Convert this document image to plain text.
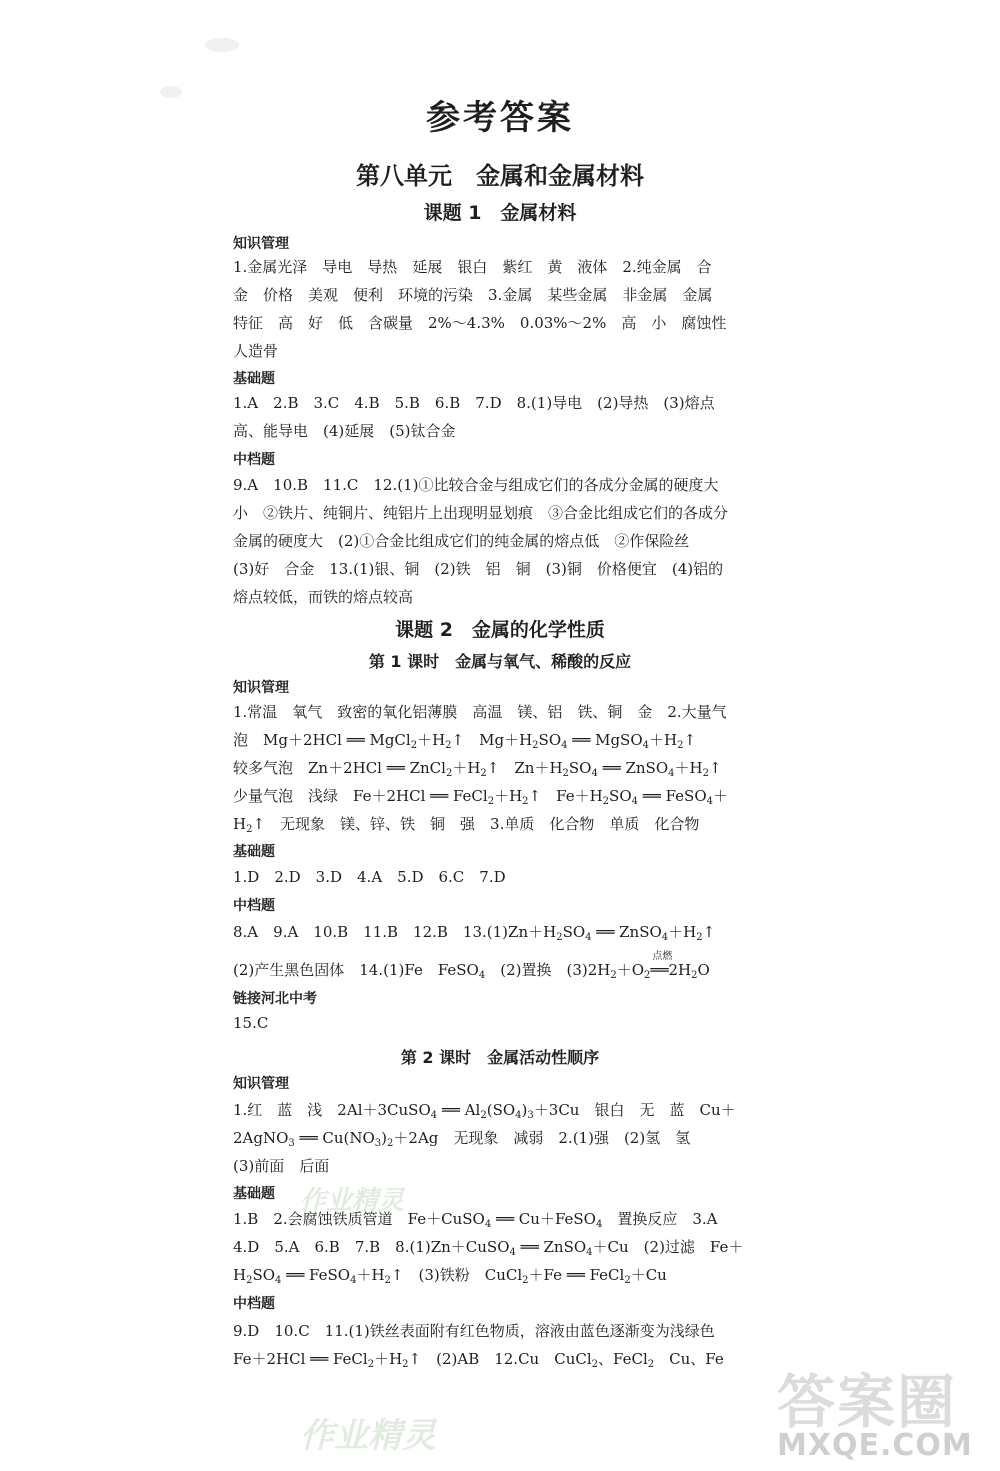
参考答案
第八单元　金属和金属材料
课题 1　金属材料
知识管理
1.金属光泽　导电　导热　延展　银白　紫红　黄　液体　2.纯金属　合
金　价格　美观　便利　环境的污染　3.金属　某些金属　非金属　金属
特征　高　好　低　含碳量　2%～4.3%　0.03%～2%　高　小　腐蚀性
人造骨
基础题
1.A　2.B　3.C　4.B　5.B　6.B　7.D　8.(1)导电　(2)导热　(3)熔点
高、能导电　(4)延展　(5)钛合金
中档题
9.A　10.B　11.C　12.(1)①比较合金与组成它们的各成分金属的硬度大
小　②铁片、纯铜片、纯铝片上出现明显划痕　③合金比组成它们的各成分
金属的硬度大　(2)①合金比组成它们的纯金属的熔点低　②作保险丝
(3)好　合金　13.(1)银、铜　(2)铁　铝　铜　(3)铜　价格便宜　(4)铝的
熔点较低，而铁的熔点较高
课题 2　金属的化学性质
第 1 课时　金属与氧气、稀酸的反应
知识管理
1.常温　氧气　致密的氧化铝薄膜　高温　镁、铝　铁、铜　金　2.大量气
泡　Mg＋2HCl ══ $MgCl_2+H_2↑$　$Mg+H_2SO_4$ ══ $MgSO_4+H_2↑$
较多气泡　Zn＋2HCl ══ $ZnCl_2+H_2↑$　$Zn+H_2SO_4$ ══ $ZnSO_4+H_2↑$
少量气泡　浅绿　Fe＋2HCl ══ $FeCl_2+H_2↑$　$Fe+H_2SO_4$ ══ FeSO$_4$＋
$H_2↑$　无现象　镁、锌、铁　铜　强　3.单质　化合物　单质　化合物
基础题
1.D　2.D　3.D　4.A　5.D　6.C　7.D
中档题
8.A　9.A　10.B　11.B　12.B　$13.(1)Zn+H_2SO_4$ ══ $ZnSO_4+H_2↑$
(2)产生黑色固体　14.(1)Fe　FeSO$_4$　(2)置换　$(3)2H_2+O_2$
点燃
$══2H_2O$
链接河北中考
15.C
第 2 课时　金属活动性顺序
知识管理
1.红　蓝　浅　2Al＋3CuSO$_4$ ══ $Al_2(SO_4)_3+3Cu$　银白　无　蓝　Cu＋
2AgNO$_3$ ══ $Cu(NO_3)_2+2Ag$　无现象　减弱　2.(1)强　(2)氢　氢
(3)前面　后面
基础题
1.B　2.会腐蚀铁质管道　Fe＋CuSO$_4$ ══ Cu＋FeSO$_4$　置换反应　3.A
4.D　5.A　6.B　7.B　8.(1)Zn＋CuSO$_4$ ══ ZnSO$_4$＋Cu　(2)过滤　Fe＋
$H_2SO_4$ ══ $FeSO_4+H_2↑$　(3)铁粉　CuCl$_2$＋Fe ══ FeCl$_2$＋Cu
中档题
9.D　10.C　11.(1)铁丝表面附有红色物质，溶液由蓝色逐渐变为浅绿色
Fe＋2HCl ══ $FeCl_2+H_2↑$　(2)AB　12.Cu　CuCl$_2$、FeCl$_2$　Cu、Fe
作业精灵
作业精灵	答案圈
MXQE.COM
